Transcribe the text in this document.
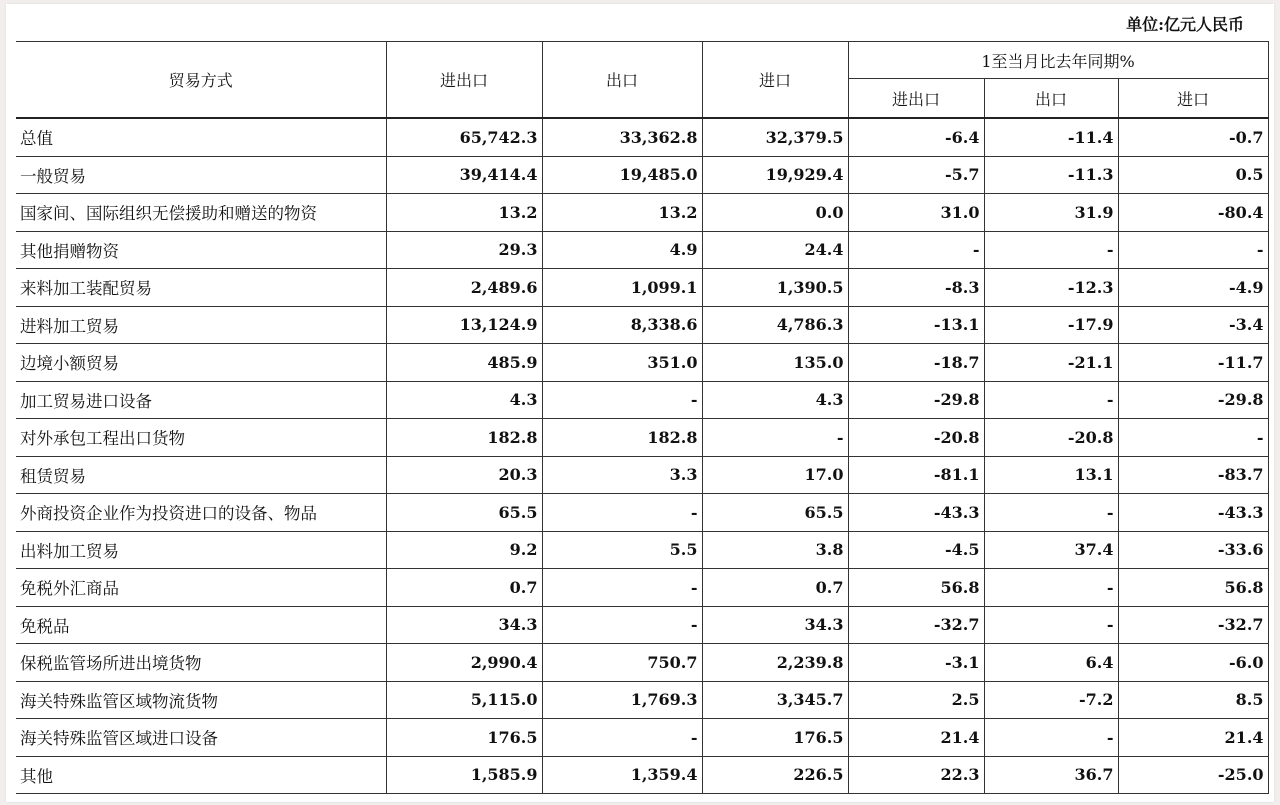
单位:亿元人民币
贸易方式	进出口	出口	进口	1至当月比去年同期%		
				进出口	出口	进口
总值	65,742.3	33,362.8	32,379.5	-6.4	-11.4	-0.7
一般贸易	39,414.4	19,485.0	19,929.4	-5.7	-11.3	0.5
国家间、国际组织无偿援助和赠送的物资	13.2	13.2	0.0	31.0	31.9	-80.4
其他捐赠物资	29.3	4.9	24.4	-	-	-
来料加工装配贸易	2,489.6	1,099.1	1,390.5	-8.3	-12.3	-4.9
进料加工贸易	13,124.9	8,338.6	4,786.3	-13.1	-17.9	-3.4
边境小额贸易	485.9	351.0	135.0	-18.7	-21.1	-11.7
加工贸易进口设备	4.3	-	4.3	-29.8	-	-29.8
对外承包工程出口货物	182.8	182.8	-	-20.8	-20.8	-
租赁贸易	20.3	3.3	17.0	-81.1	13.1	-83.7
外商投资企业作为投资进口的设备、物品	65.5	-	65.5	-43.3	-	-43.3
出料加工贸易	9.2	5.5	3.8	-4.5	37.4	-33.6
免税外汇商品	0.7	-	0.7	56.8	-	56.8
免税品	34.3	-	34.3	-32.7	-	-32.7
保税监管场所进出境货物	2,990.4	750.7	2,239.8	-3.1	6.4	-6.0
海关特殊监管区域物流货物	5,115.0	1,769.3	3,345.7	2.5	-7.2	8.5
海关特殊监管区域进口设备	176.5	-	176.5	21.4	-	21.4
其他	1,585.9	1,359.4	226.5	22.3	36.7	-25.0
